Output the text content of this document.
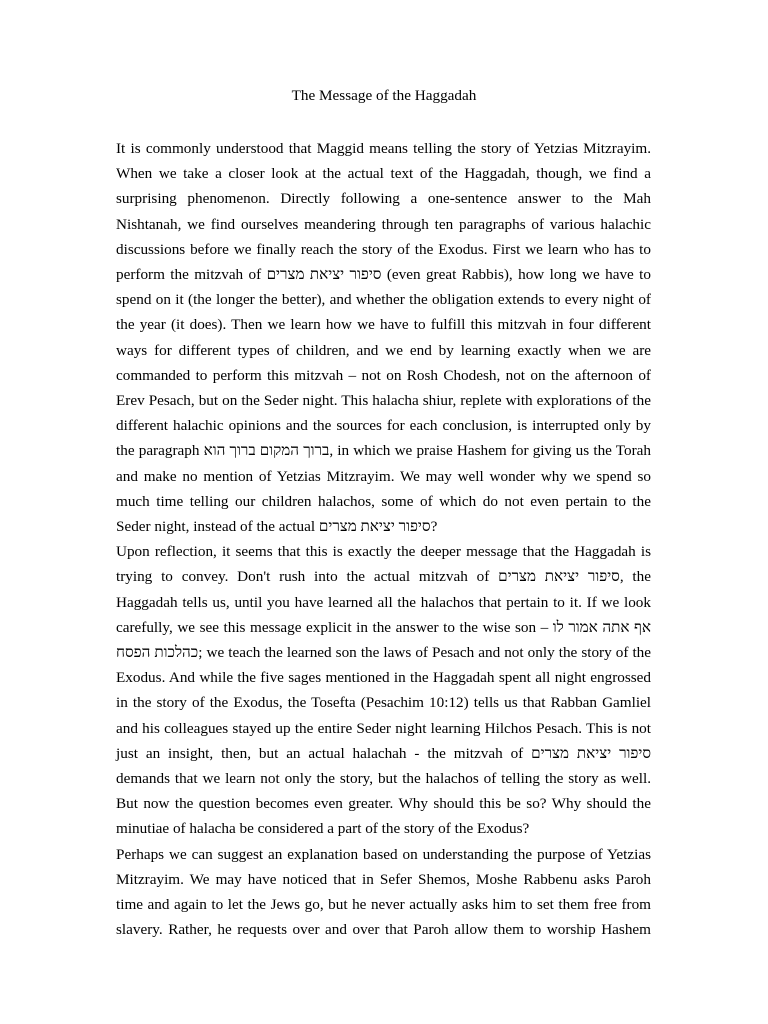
The Message of the Haggadah

It is commonly understood that Maggid means telling the story of Yetzias Mitzrayim. When we take a closer look at the actual text of the Haggadah, though, we find a surprising phenomenon. Directly following a one-sentence answer to the Mah Nishtanah, we find ourselves meandering through ten paragraphs of various halachic discussions before we finally reach the story of the Exodus. First we learn who has to perform the mitzvah of ‫סיפור יציאת מצרים‬ (even great Rabbis), how long we have to spend on it (the longer the better), and whether the obligation extends to every night of the year (it does). Then we learn how we have to fulfill this mitzvah in four different ways for different types of children, and we end by learning exactly when we are commanded to perform this mitzvah – not on Rosh Chodesh, not on the afternoon of Erev Pesach, but on the Seder night. This halacha shiur, replete with explorations of the different halachic opinions and the sources for each conclusion, is interrupted only by the paragraph ‫ברוך המקום ברוך הוא‬, in which we praise Hashem for giving us the Torah and make no mention of Yetzias Mitzrayim. We may well wonder why we spend so much time telling our children halachos, some of which do not even pertain to the Seder night, instead of the actual ‫סיפור יציאת מצרים‬?

Upon reflection, it seems that this is exactly the deeper message that the Haggadah is trying to convey. Don't rush into the actual mitzvah of ‫סיפור יציאת מצרים‬, the Haggadah tells us, until you have learned all the halachos that pertain to it. If we look carefully, we see this message explicit in the answer to the wise son – ‫אף אתה אמור לו כהלכות הפסח‬; we teach the learned son the laws of Pesach and not only the story of the Exodus. And while the five sages mentioned in the Haggadah spent all night engrossed in the story of the Exodus, the Tosefta (Pesachim 10:12) tells us that Rabban Gamliel and his colleagues stayed up the entire Seder night learning Hilchos Pesach. This is not just an insight, then, but an actual halachah - the mitzvah of ‫סיפור יציאת מצרים‬ demands that we learn not only the story, but the halachos of telling the story as well. But now the question becomes even greater. Why should this be so? Why should the minutiae of halacha be considered a part of the story of the Exodus?

Perhaps we can suggest an explanation based on understanding the purpose of Yetzias Mitzrayim. We may have noticed that in Sefer Shemos, Moshe Rabbenu asks Paroh time and again to let the Jews go, but he never actually asks him to set them free from slavery. Rather, he requests over and over that Paroh allow them to worship Hashem
